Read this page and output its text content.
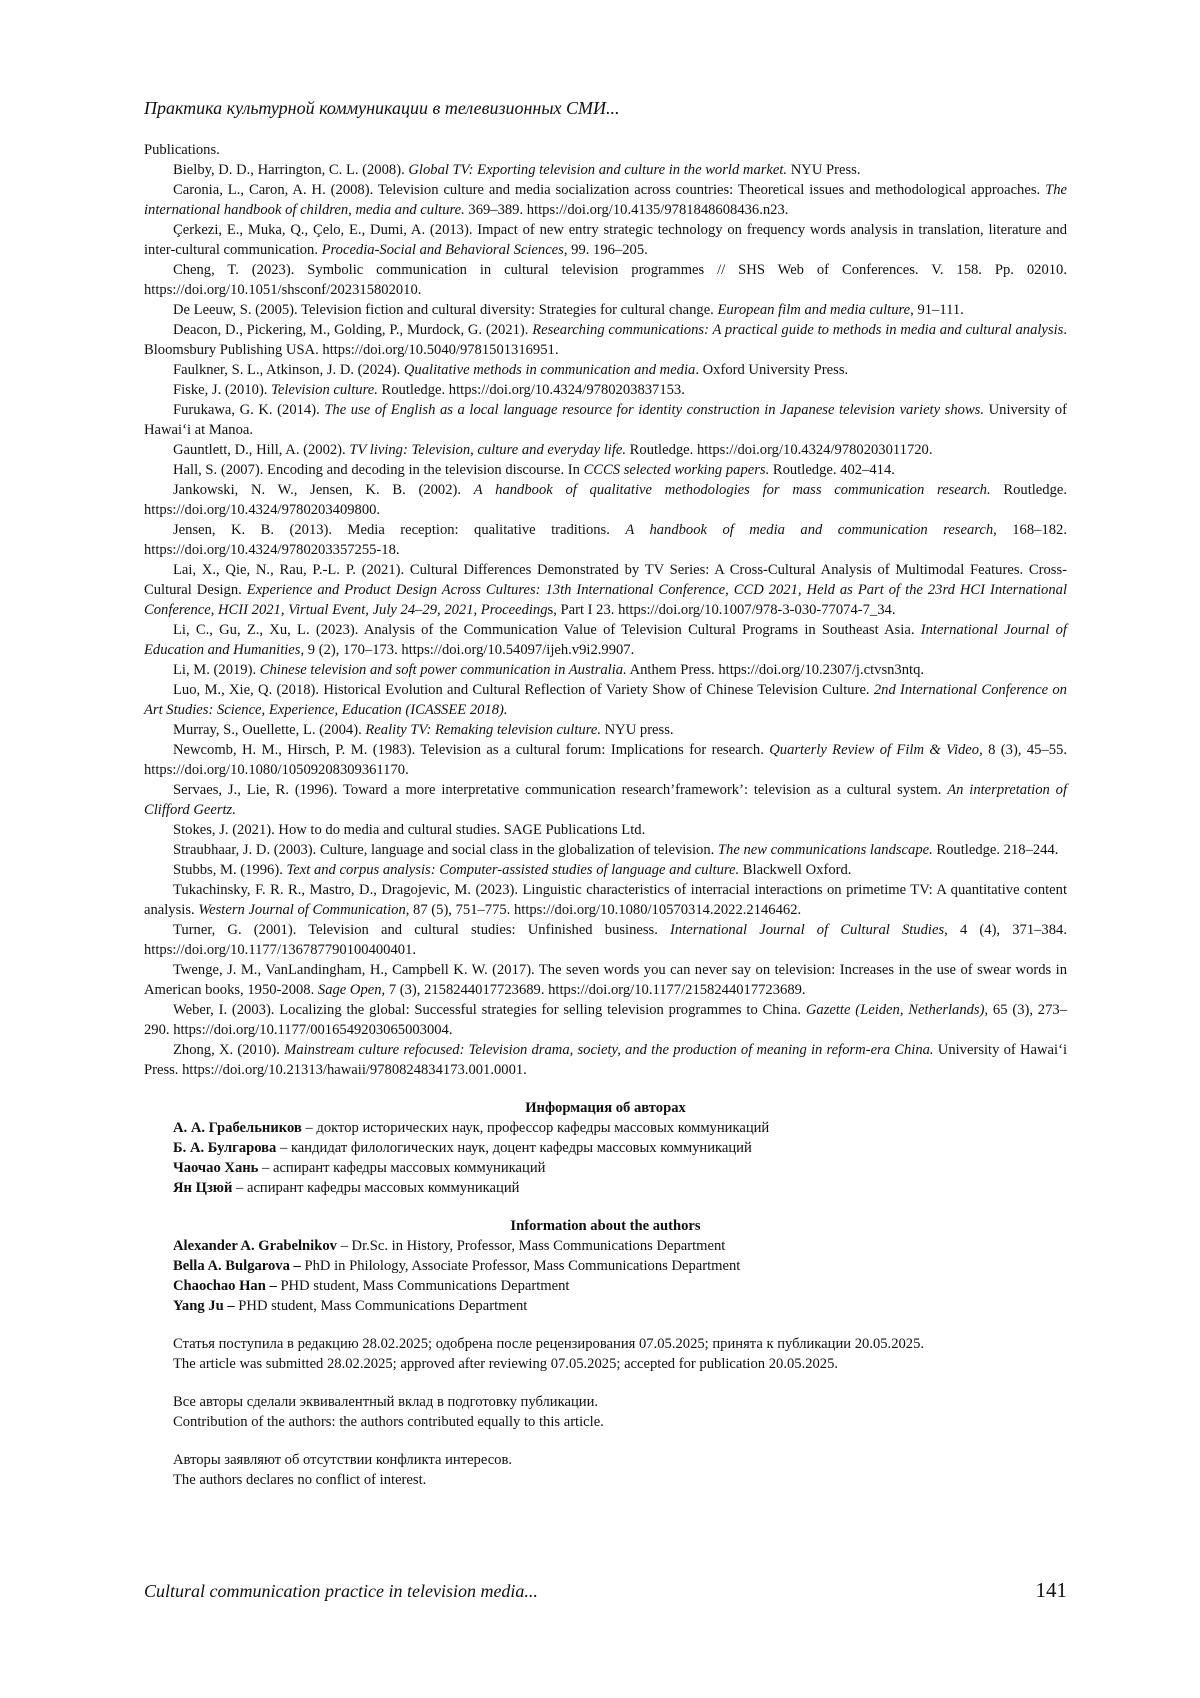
Практика культурной коммуникации в телевизионных СМИ...

Publications.

Bielby, D. D., Harrington, C. L. (2008). Global TV: Exporting television and culture in the world market. NYU Press.

Caronia, L., Caron, A. H. (2008). Television culture and media socialization across countries: Theoretical issues and methodological approaches. The international handbook of children, media and culture. 369–389. https://doi.org/10.4135/9781848608436.n23.

Çerkezi, E., Muka, Q., Çelo, E., Dumi, A. (2013). Impact of new entry strategic technology on frequency words analysis in translation, literature and inter-cultural communication. Procedia-Social and Behavioral Sciences, 99. 196–205.

Cheng, T. (2023). Symbolic communication in cultural television programmes // SHS Web of Conferences. V. 158. Pp. 02010. https://doi.org/10.1051/shsconf/202315802010.

De Leeuw, S. (2005). Television fiction and cultural diversity: Strategies for cultural change. European film and media culture, 91–111.

Deacon, D., Pickering, M., Golding, P., Murdock, G. (2021). Researching communications: A practical guide to methods in media and cultural analysis. Bloomsbury Publishing USA. https://doi.org/10.5040/9781501316951.

Faulkner, S. L., Atkinson, J. D. (2024). Qualitative methods in communication and media. Oxford University Press.

Fiske, J. (2010). Television culture. Routledge. https://doi.org/10.4324/9780203837153.

Furukawa, G. K. (2014). The use of English as a local language resource for identity construction in Japanese television variety shows. University of Hawai‘i at Manoa.

Gauntlett, D., Hill, A. (2002). TV living: Television, culture and everyday life. Routledge. https://doi.org/10.4324/9780203011720.

Hall, S. (2007). Encoding and decoding in the television discourse. In CCCS selected working papers. Routledge. 402–414.

Jankowski, N. W., Jensen, K. B. (2002). A handbook of qualitative methodologies for mass communication research. Routledge. https://doi.org/10.4324/9780203409800.

Jensen, K. B. (2013). Media reception: qualitative traditions. A handbook of media and communication research, 168–182. https://doi.org/10.4324/9780203357255-18.

Lai, X., Qie, N., Rau, P.-L. P. (2021). Cultural Differences Demonstrated by TV Series: A Cross-Cultural Analysis of Multimodal Features. Cross-Cultural Design. Experience and Product Design Across Cultures: 13th International Conference, CCD 2021, Held as Part of the 23rd HCI International Conference, HCII 2021, Virtual Event, July 24–29, 2021, Proceedings, Part I 23. https://doi.org/10.1007/978-3-030-77074-7_34.

Li, C., Gu, Z., Xu, L. (2023). Analysis of the Communication Value of Television Cultural Programs in Southeast Asia. International Journal of Education and Humanities, 9 (2), 170–173. https://doi.org/10.54097/ijeh.v9i2.9907.

Li, M. (2019). Chinese television and soft power communication in Australia. Anthem Press. https://doi.org/10.2307/j.ctvsn3ntq.

Luo, M., Xie, Q. (2018). Historical Evolution and Cultural Reflection of Variety Show of Chinese Television Culture. 2nd International Conference on Art Studies: Science, Experience, Education (ICASSEE 2018).

Murray, S., Ouellette, L. (2004). Reality TV: Remaking television culture. NYU press.

Newcomb, H. M., Hirsch, P. M. (1983). Television as a cultural forum: Implications for research. Quarterly Review of Film & Video, 8 (3), 45–55. https://doi.org/10.1080/10509208309361170.

Servaes, J., Lie, R. (1996). Toward a more interpretative communication research’framework’: television as a cultural system. An interpretation of Clifford Geertz.

Stokes, J. (2021). How to do media and cultural studies. SAGE Publications Ltd.

Straubhaar, J. D. (2003). Culture, language and social class in the globalization of television. The new communications landscape. Routledge. 218–244.

Stubbs, M. (1996). Text and corpus analysis: Computer-assisted studies of language and culture. Blackwell Oxford.

Tukachinsky, F. R. R., Mastro, D., Dragojevic, M. (2023). Linguistic characteristics of interracial interactions on primetime TV: A quantitative content analysis. Western Journal of Communication, 87 (5), 751–775. https://doi.org/10.1080/10570314.2022.2146462.

Turner, G. (2001). Television and cultural studies: Unfinished business. International Journal of Cultural Studies, 4 (4), 371–384. https://doi.org/10.1177/136787790100400401.

Twenge, J. M., VanLandingham, H., Campbell K. W. (2017). The seven words you can never say on television: Increases in the use of swear words in American books, 1950-2008. Sage Open, 7 (3), 2158244017723689. https://doi.org/10.1177/2158244017723689.

Weber, I. (2003). Localizing the global: Successful strategies for selling television programmes to China. Gazette (Leiden, Netherlands), 65 (3), 273–290. https://doi.org/10.1177/0016549203065003004.

Zhong, X. (2010). Mainstream culture refocused: Television drama, society, and the production of meaning in reform-era China. University of Hawai‘i Press. https://doi.org/10.21313/hawaii/9780824834173.001.0001.

Информация об авторах

А. А. Грабельников – доктор исторических наук, профессор кафедры массовых коммуникаций

Б. А. Булгарова – кандидат филологических наук, доцент кафедры массовых коммуникаций

Чаочао Хань – аспирант кафедры массовых коммуникаций

Ян Цзюй – аспирант кафедры массовых коммуникаций

Information about the authors

Alexander A. Grabelnikov – Dr.Sc. in History, Professor, Mass Communications Department

Bella A. Bulgarova – PhD in Philology, Associate Professor, Mass Communications Department

Chaochao Han – PHD student, Mass Communications Department

Yang Ju – PHD student, Mass Communications Department

Статья поступила в редакцию 28.02.2025; одобрена после рецензирования 07.05.2025; принята к публикации 20.05.2025.

The article was submitted 28.02.2025; approved after reviewing 07.05.2025; accepted for publication 20.05.2025.

Все авторы сделали эквивалентный вклад в подготовку публикации.

Contribution of the authors: the authors contributed equally to this article.

Авторы заявляют об отсутствии конфликта интересов.

The authors declares no conflict of interest.

Cultural communication practice in television media...	141
